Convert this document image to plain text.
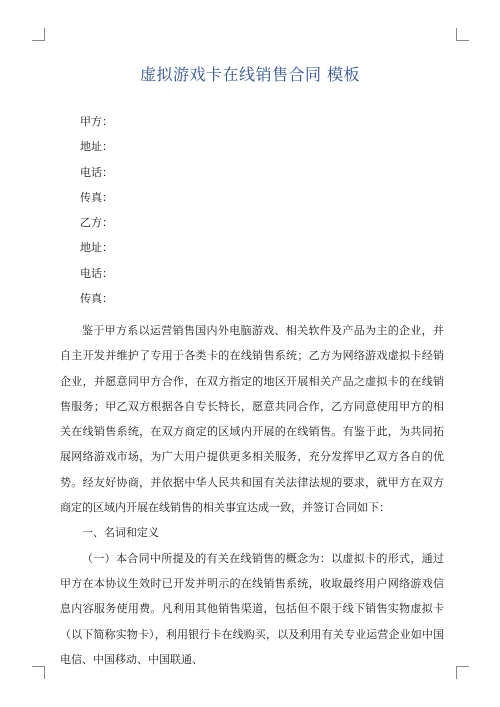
虚拟游戏卡在线销售合同 模板
甲方：
地址：
电话：
传真：
乙方：
地址：
电话：
传真：

鉴于甲方系以运营销售国内外电脑游戏、相关软件及产品为主的企业，并自主开发并维护了专用于各类卡的在线销售系统；乙方为网络游戏虚拟卡经销企业，并愿意同甲方合作，在双方指定的地区开展相关产品之虚拟卡的在线销售服务；甲乙双方根据各自专长特长，愿意共同合作，乙方同意使用甲方的相关在线销售系统，在双方商定的区域内开展的在线销售。有鉴于此，为共同拓展网络游戏市场，为广大用户提供更多相关服务，充分发挥甲乙双方各自的优势。经友好协商，并依据中华人民共和国有关法律法规的要求，就甲方在双方商定的区域内开展在线销售的相关事宜达成一致，并签订合同如下：

一、名词和定义

（一）本合同中所提及的有关在线销售的概念为：以虚拟卡的形式，通过甲方在本协议生效时已开发并明示的在线销售系统，收取最终用户网络游戏信息内容服务使用费。凡利用其他销售渠道，包括但不限于线下销售实物虚拟卡（以下简称实物卡），利用银行卡在线购买，以及利用有关专业运营企业如中国电信、中国移动、中国联通、
